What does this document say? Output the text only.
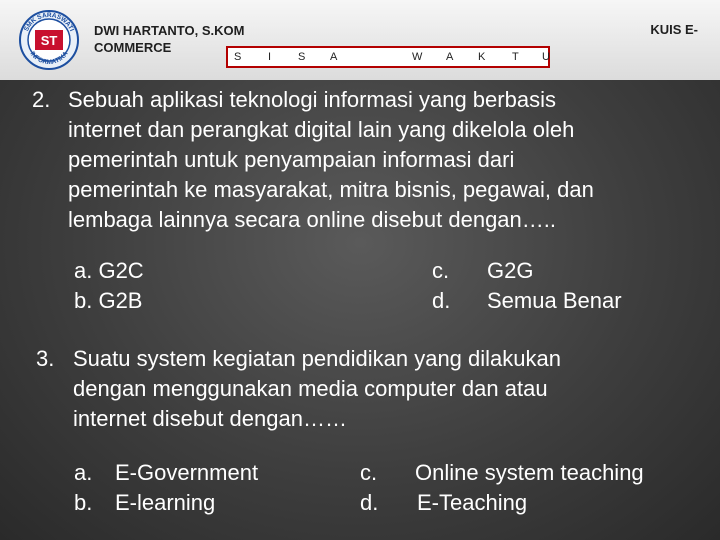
ST
SMK SARASWATI
INFORMATIKA
DWI HARTANTO, S.KOM
COMMERCE
KUIS E-
S I S A	W A K T U
2. Sebuah aplikasi teknologi informasi yang berbasis
internet dan perangkat digital lain yang dikelola oleh
pemerintah untuk penyampaian informasi dari
pemerintah ke masyarakat, mitra bisnis, pegawai, dan
lembaga lainnya secara online disebut dengan…..
a. G2C
b. G2B
c. G2G
d. Semua Benar
3. Suatu system kegiatan pendidikan yang dilakukan
dengan menggunakan media computer dan atau
internet disebut dengan……
a. E-Government
b. E-learning
c. Online system teaching
d. E-Teaching
